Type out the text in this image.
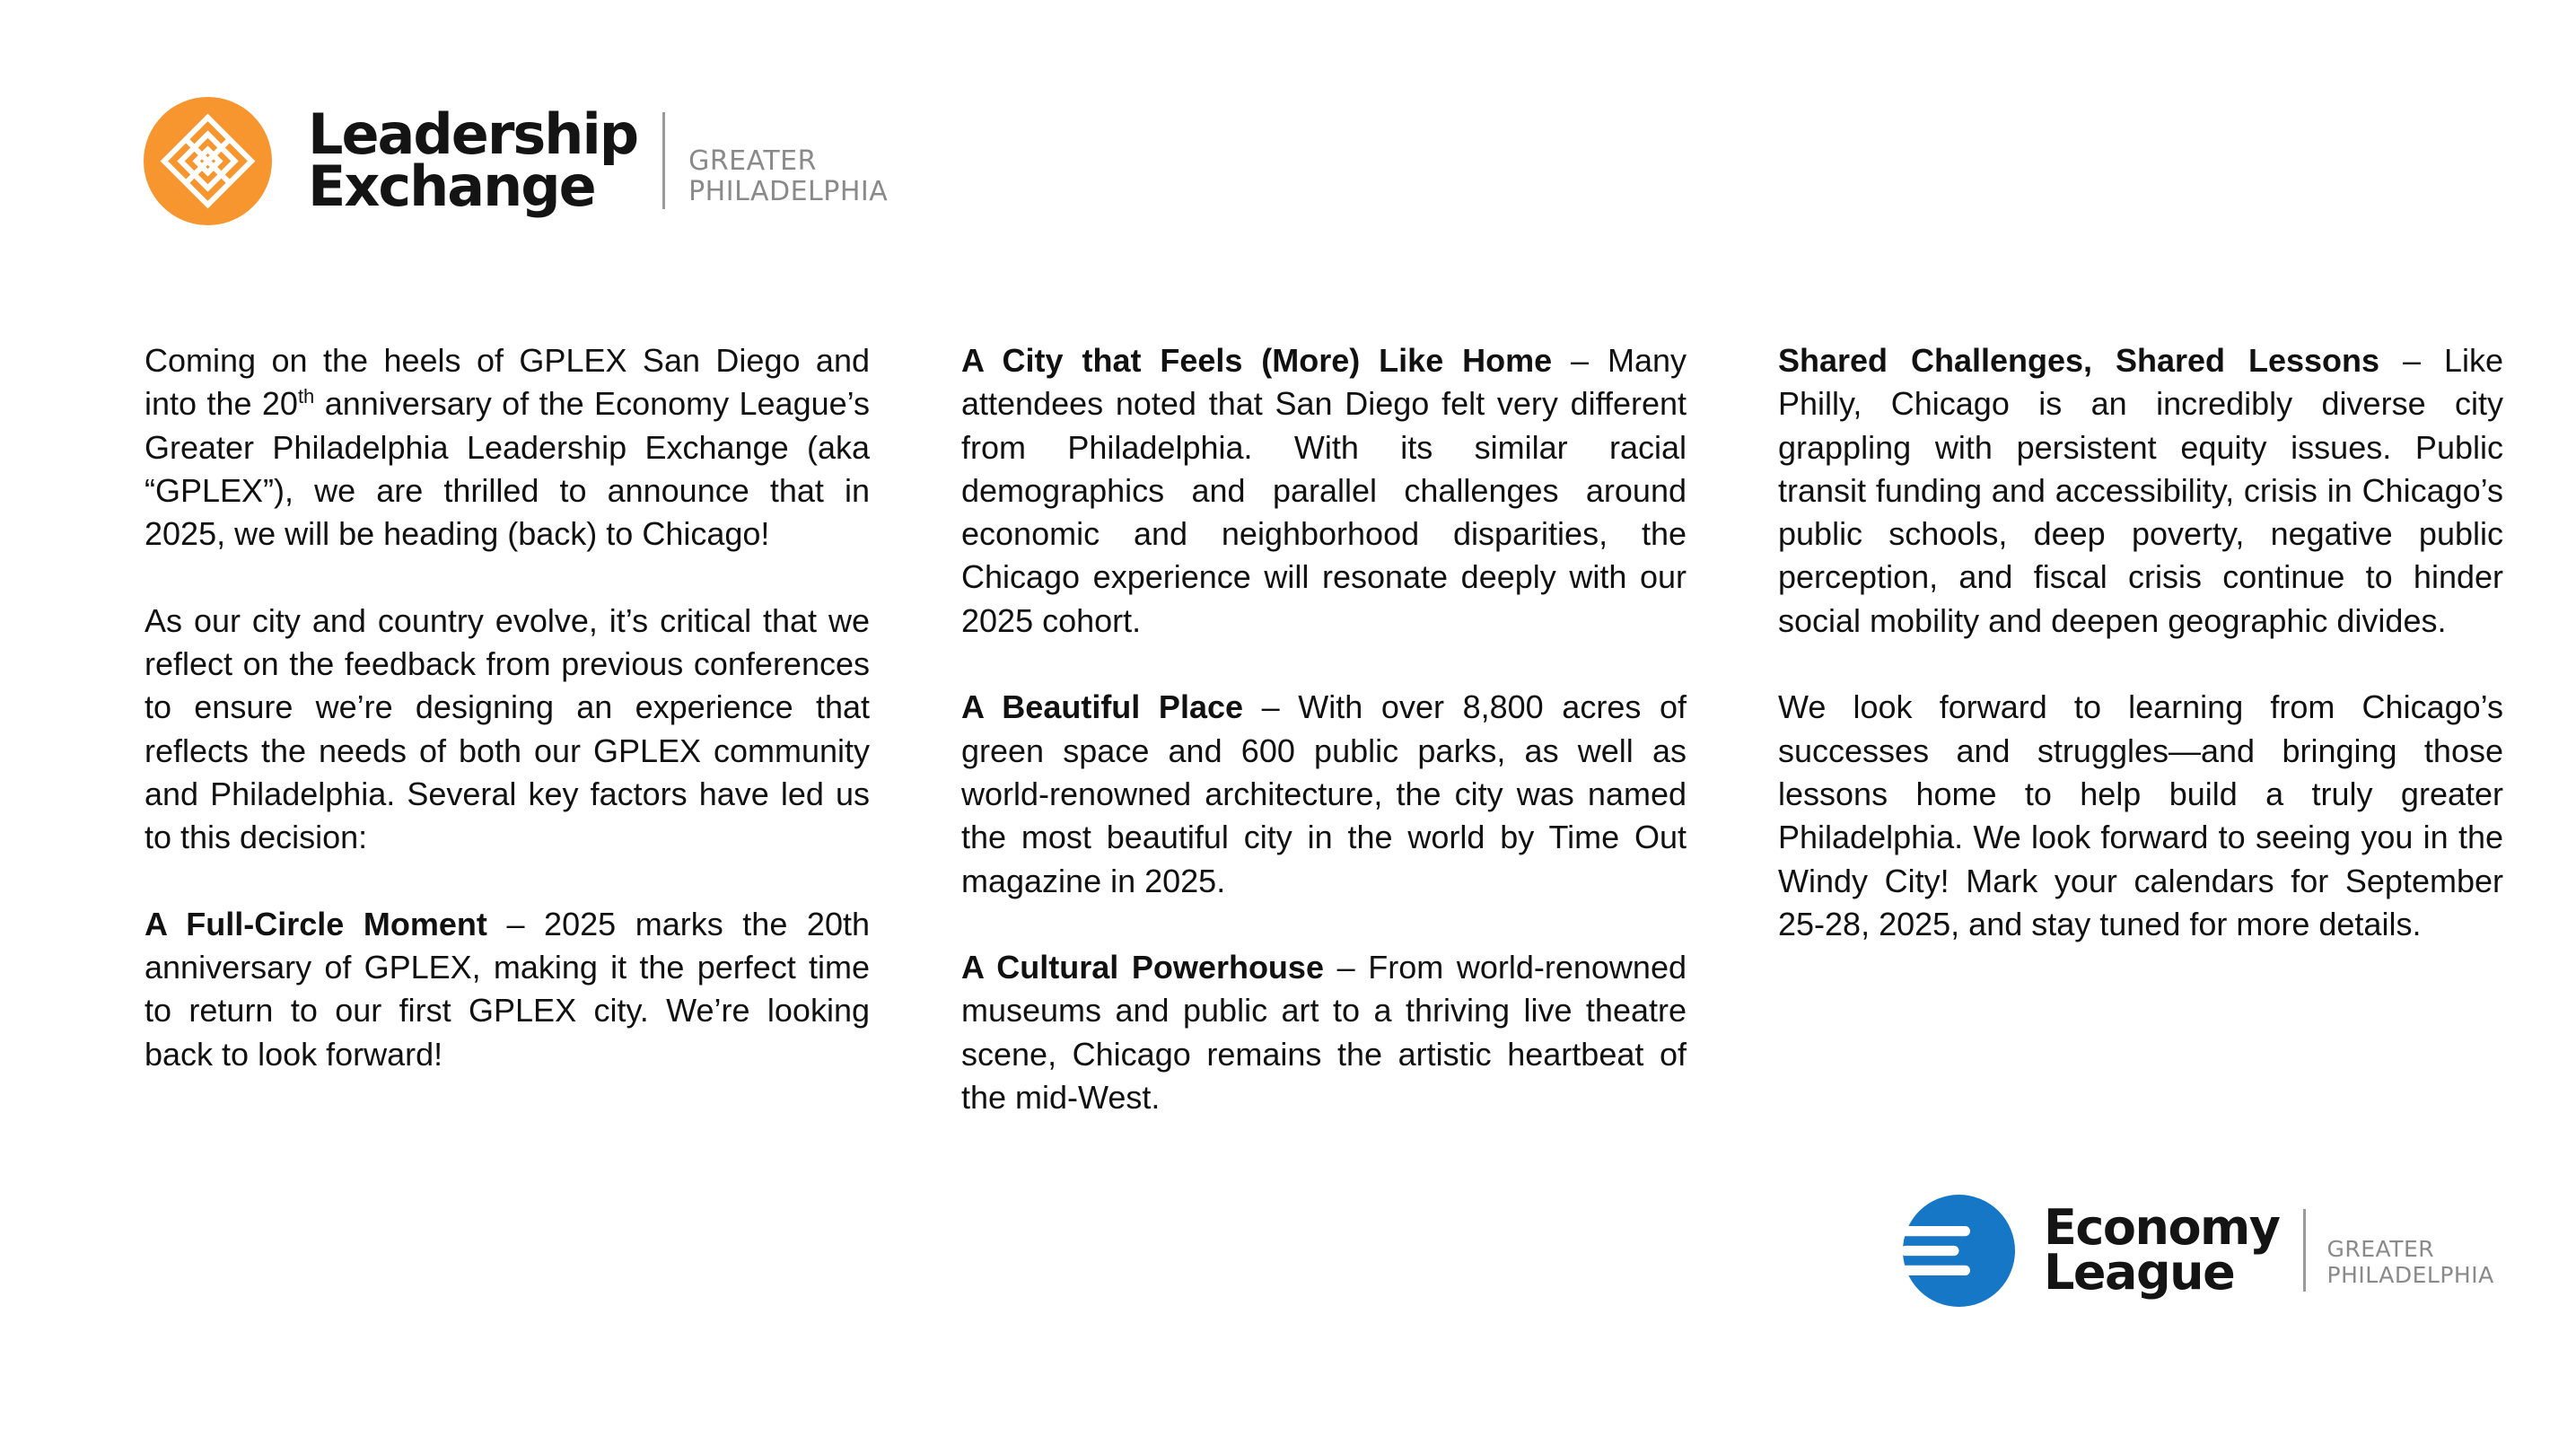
Leadership
Exchange	GREATER
PHILADELPHIA

Coming on the heels of GPLEX San Diego and into the 20th anniversary of the Economy League’s Greater Philadelphia Leadership Exchange (aka “GPLEX”), we are thrilled to announce that in 2025, we will be heading (back) to Chicago!

As our city and country evolve, it’s critical that we reflect on the feedback from previous conferences to ensure we’re designing an experience that reflects the needs of both our GPLEX community and Philadelphia. Several key factors have led us to this decision:

A Full-Circle Moment – 2025 marks the 20th anniversary of GPLEX, making it the perfect time to return to our first GPLEX city. We’re looking back to look forward!

A City that Feels (More) Like Home – Many attendees noted that San Diego felt very different from Philadelphia. With its similar racial demographics and parallel challenges around economic and neighborhood disparities, the Chicago experience will resonate deeply with our 2025 cohort.

A Beautiful Place – With over 8,800 acres of green space and 600 public parks, as well as world-renowned architecture, the city was named the most beautiful city in the world by Time Out magazine in 2025.

A Cultural Powerhouse – From world-renowned museums and public art to a thriving live theatre scene, Chicago remains the artistic heartbeat of the mid-West.

Shared Challenges, Shared Lessons – Like Philly, Chicago is an incredibly diverse city grappling with persistent equity issues. Public transit funding and accessibility, crisis in Chicago’s public schools, deep poverty, negative public perception, and fiscal crisis continue to hinder social mobility and deepen geographic divides.

We look forward to learning from Chicago’s successes and struggles—and bringing those lessons home to help build a truly greater Philadelphia. We look forward to seeing you in the Windy City! Mark your calendars for September 25-28, 2025, and stay tuned for more details.

Economy
League	GREATER
PHILADELPHIA
